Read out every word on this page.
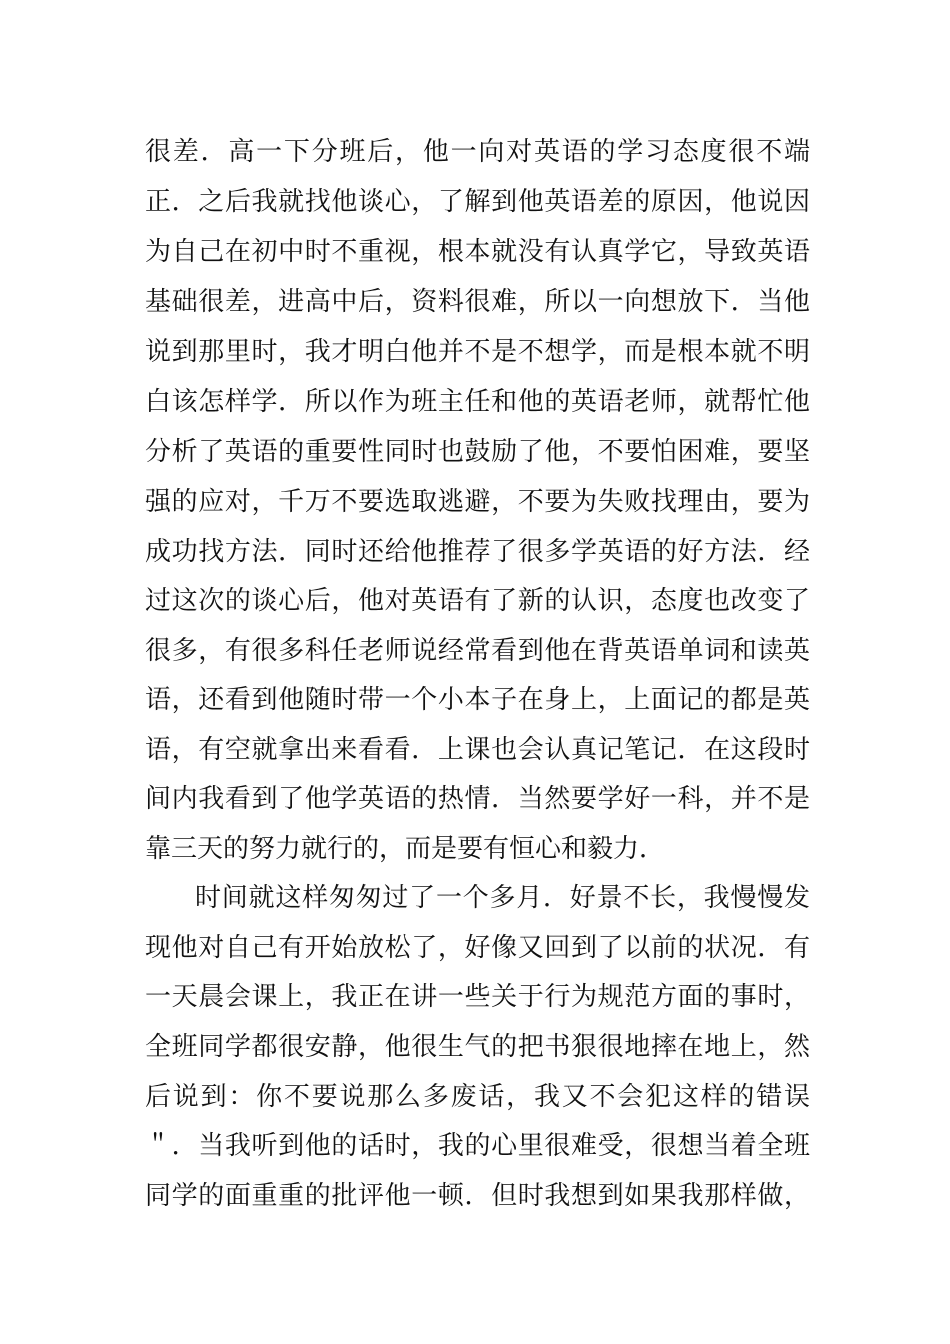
很差．高一下分班后，他一向对英语的学习态度很不端
正．之后我就找他谈心，了解到他英语差的原因，他说因
为自己在初中时不重视，根本就没有认真学它，导致英语
基础很差，进高中后，资料很难，所以一向想放下．当他
说到那里时，我才明白他并不是不想学，而是根本就不明
白该怎样学．所以作为班主任和他的英语老师，就帮忙他
分析了英语的重要性同时也鼓励了他，不要怕困难，要坚
强的应对，千万不要选取逃避，不要为失败找理由，要为
成功找方法．同时还给他推荐了很多学英语的好方法．经
过这次的谈心后，他对英语有了新的认识，态度也改变了
很多，有很多科任老师说经常看到他在背英语单词和读英
语，还看到他随时带一个小本子在身上，上面记的都是英
语，有空就拿出来看看．上课也会认真记笔记．在这段时
间内我看到了他学英语的热情．当然要学好一科，并不是
靠三天的努力就行的，而是要有恒心和毅力．
时间就这样匆匆过了一个多月．好景不长，我慢慢发
现他对自己有开始放松了，好像又回到了以前的状况．有
一天晨会课上，我正在讲一些关于行为规范方面的事时，
全班同学都很安静，他很生气的把书狠很地摔在地上，然
后说到：你不要说那么多废话，我又不会犯这样的错误
＂．当我听到他的话时，我的心里很难受，很想当着全班
同学的面重重的批评他一顿．但时我想到如果我那样做，
